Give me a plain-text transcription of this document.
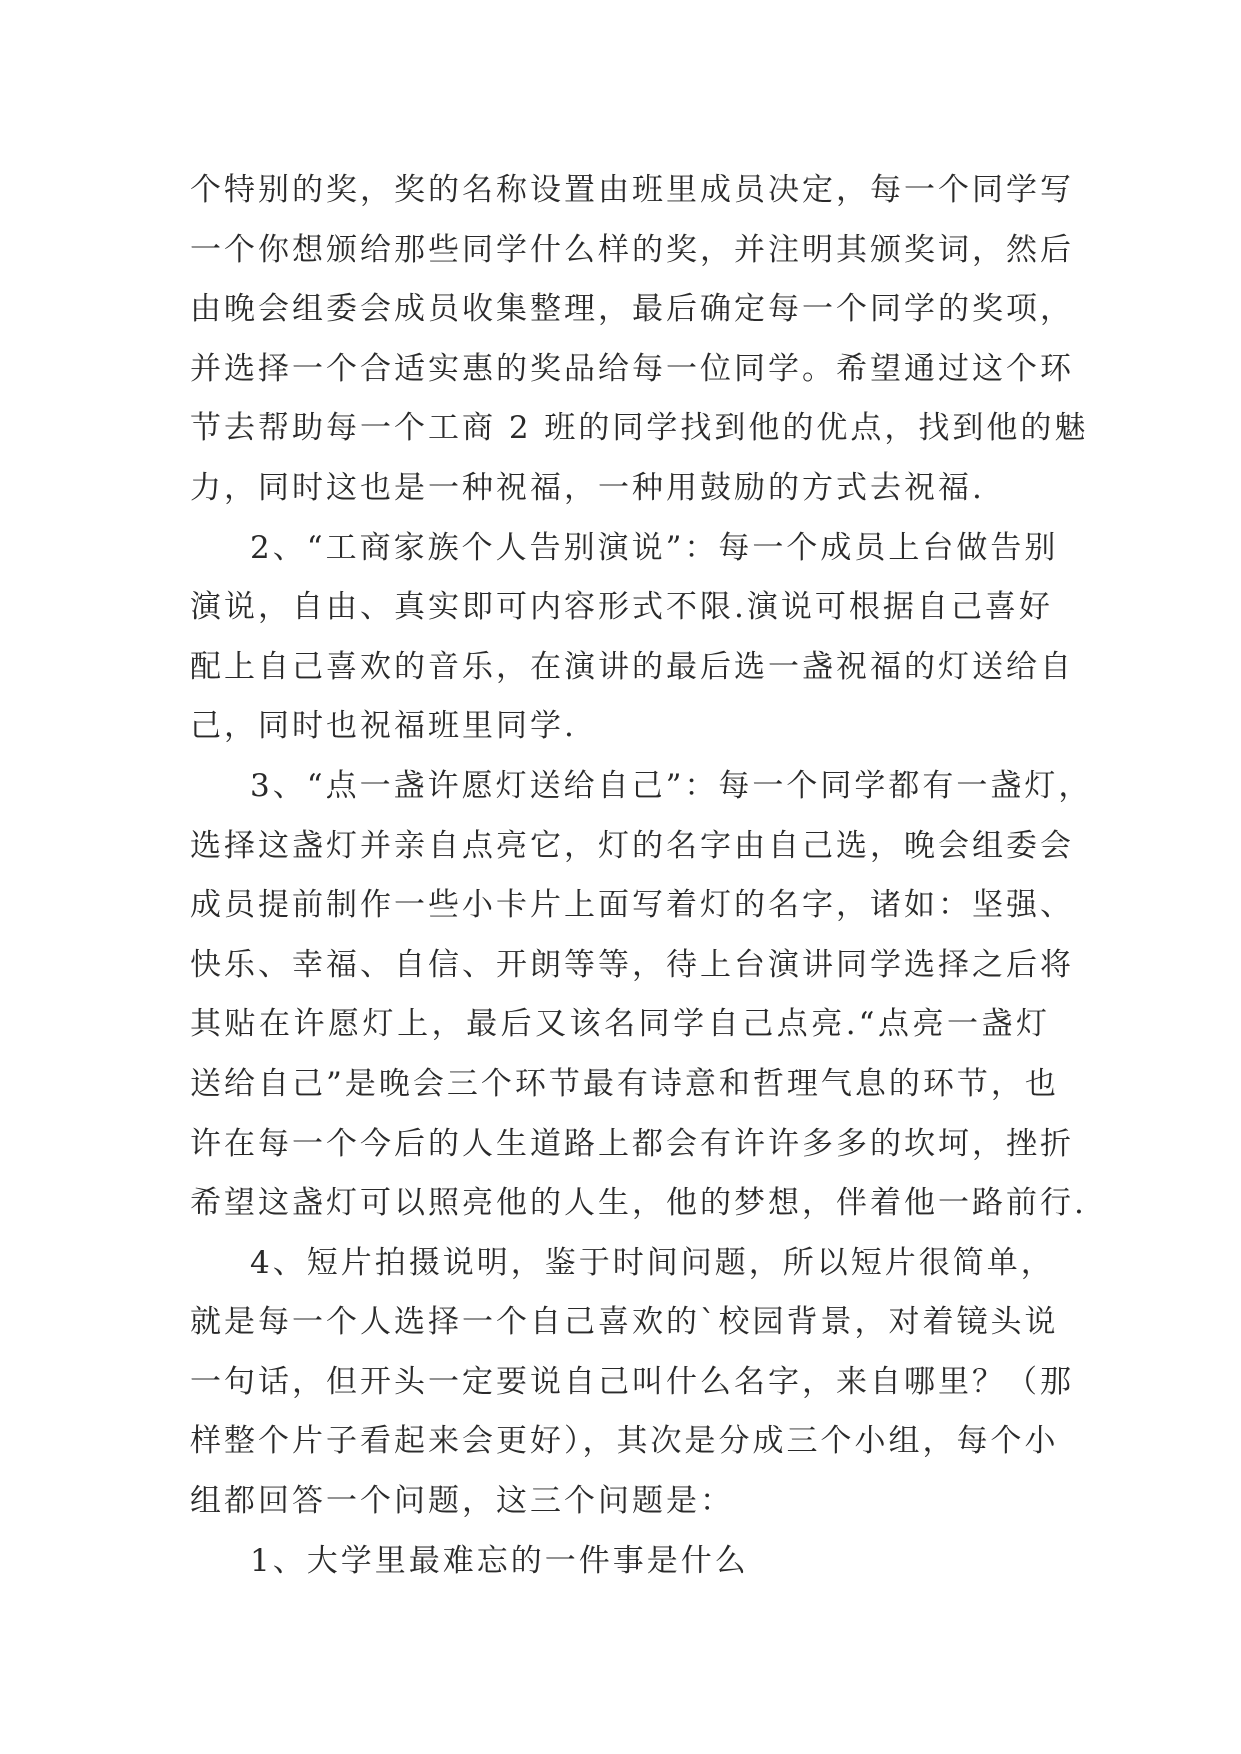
个特别的奖，奖的名称设置由班里成员决定，每一个同学写
一个你想颁给那些同学什么样的奖，并注明其颁奖词，然后
由晚会组委会成员收集整理，最后确定每一个同学的奖项，
并选择一个合适实惠的奖品给每一位同学。希望通过这个环
节去帮助每一个工商 2 班的同学找到他的优点，找到他的魅
力，同时这也是一种祝福，一种用鼓励的方式去祝福.
2、“工商家族个人告别演说”：每一个成员上台做告别
演说，自由、真实即可内容形式不限.演说可根据自己喜好
配上自己喜欢的音乐，在演讲的最后选一盏祝福的灯送给自
己，同时也祝福班里同学.
3、“点一盏许愿灯送给自己”：每一个同学都有一盏灯，
选择这盏灯并亲自点亮它，灯的名字由自己选，晚会组委会
成员提前制作一些小卡片上面写着灯的名字，诸如：坚强、
快乐、幸福、自信、开朗等等，待上台演讲同学选择之后将
其贴在许愿灯上，最后又该名同学自己点亮.“点亮一盏灯
送给自己”是晚会三个环节最有诗意和哲理气息的环节，也
许在每一个今后的人生道路上都会有许许多多的坎坷，挫折
希望这盏灯可以照亮他的人生，他的梦想，伴着他一路前行.
4、短片拍摄说明，鉴于时间问题，所以短片很简单，
就是每一个人选择一个自己喜欢的`校园背景，对着镜头说
一句话，但开头一定要说自己叫什么名字，来自哪里？（那
样整个片子看起来会更好），其次是分成三个小组，每个小
组都回答一个问题，这三个问题是：
1、大学里最难忘的一件事是什么
